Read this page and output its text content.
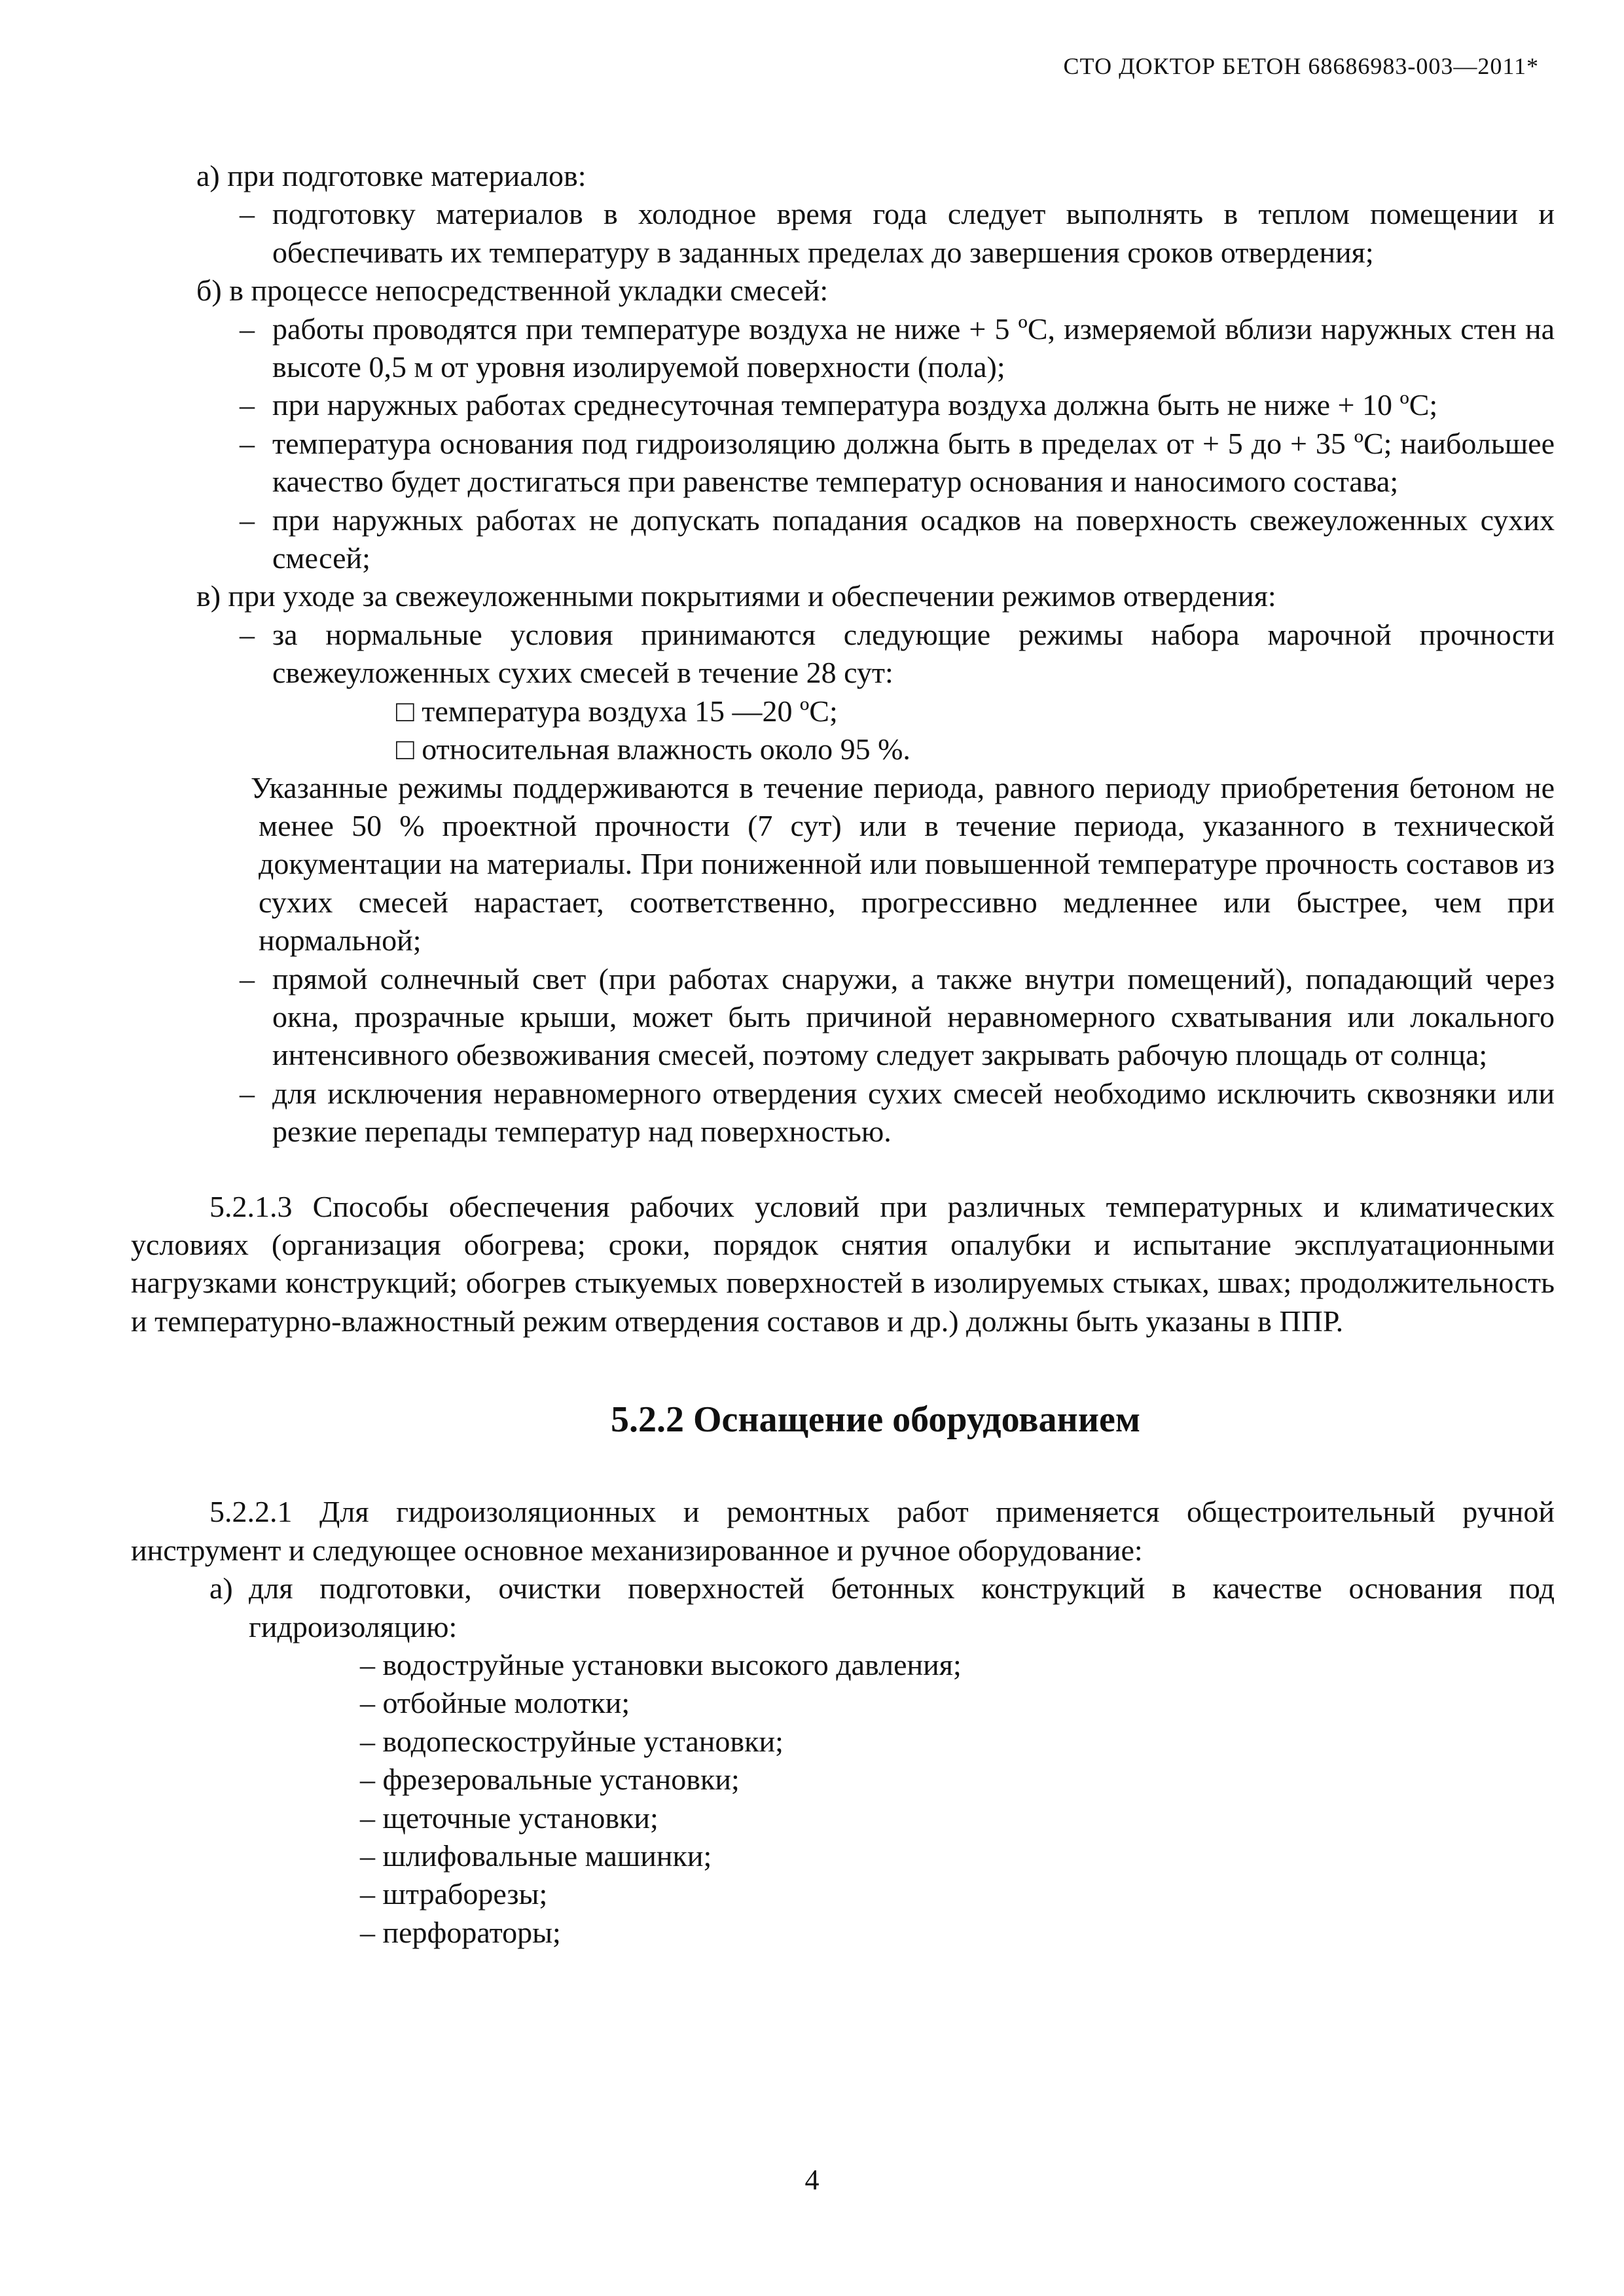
СТО ДОКТОР БЕТОН 68686983-003—2011*

а) при подготовке материалов:

– подготовку материалов в холодное время года следует выполнять в теплом помещении и обеспечивать их температуру в заданных пределах до завершения сроков отвердения;

б) в процессе непосредственной укладки смесей:

– работы проводятся при температуре воздуха не ниже + 5 ºС, измеряемой вблизи наружных стен на высоте 0,5 м от уровня изолируемой поверхности (пола);
– при наружных работах среднесуточная температура воздуха должна быть не ниже + 10 ºС;
– температура основания под гидроизоляцию должна быть в пределах от + 5 до + 35 ºС; наибольшее качество будет достигаться при равенстве температур основания и наносимого состава;
– при наружных работах не допускать попадания осадков на поверхность свежеуложенных сухих смесей;

в) при уходе за свежеуложенными покрытиями и обеспечении режимов отвердения:

– за нормальные условия принимаются следующие режимы набора марочной прочности свежеуложенных сухих смесей в течение 28 сут:

□ температура воздуха 15 —20 ºС;

□ относительная влажность около 95 %.

Указанные режимы поддерживаются в течение периода, равного периоду приобретения бетоном не менее 50 % проектной прочности (7 сут) или в течение периода, указанного в технической документации на материалы. При пониженной или повышенной температуре прочность составов из сухих смесей нарастает, соответственно, прогрессивно медленнее или быстрее, чем при нормальной;

– прямой солнечный свет (при работах снаружи, а также внутри помещений), попадающий через окна, прозрачные крыши, может быть причиной неравномерного схватывания или локального интенсивного обезвоживания смесей, поэтому следует закрывать рабочую площадь от солнца;
– для исключения неравномерного отвердения сухих смесей необходимо исключить сквозняки или резкие перепады температур над поверхностью.

5.2.1.3 Способы обеспечения рабочих условий при различных температурных и климатических условиях (организация обогрева; сроки, порядок снятия опалубки и испытание эксплуатационными нагрузками конструкций; обогрев стыкуемых поверхностей в изолируемых стыках, швах; продолжительность и температурно-влажностный режим отвердения составов и др.) должны быть указаны в ППР.

5.2.2 Оснащение оборудованием

5.2.2.1 Для гидроизоляционных и ремонтных работ применяется общестроительный ручной инструмент и следующее основное механизированное и ручное оборудование:

а) для подготовки, очистки поверхностей бетонных конструкций в качестве основания под гидроизоляцию:

– водоструйные установки высокого давления;

– отбойные молотки;

– водопескоструйные установки;

– фрезеровальные установки;

– щеточные установки;

– шлифовальные машинки;

– штраборезы;

– перфораторы;

4
